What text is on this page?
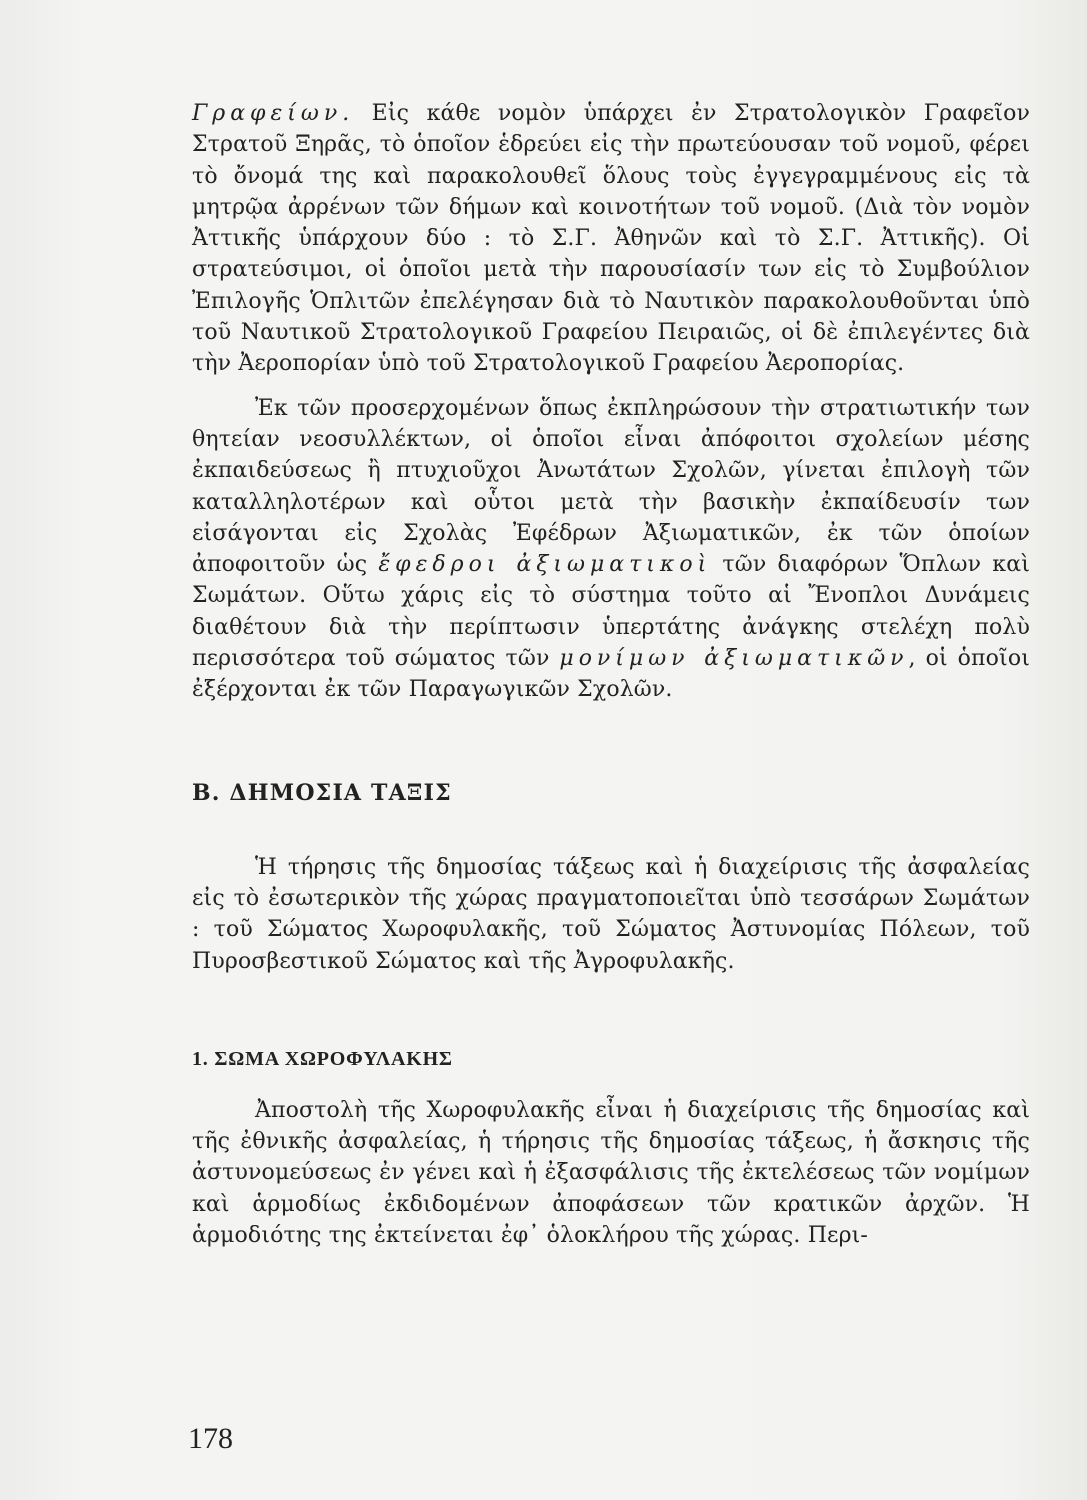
Γραφείων. Εἰς κάθε νομὸν ὑπάρχει ἐν Στρατολογικὸν Γραφεῖον Στρατοῦ Ξηρᾶς, τὸ ὁποῖον ἑδρεύει εἰς τὴν πρωτεύουσαν τοῦ νομοῦ, φέρει τὸ ὄνομά της καὶ παρακολουθεῖ ὅλους τοὺς ἐγγεγραμμένους εἰς τὰ μητρῷα ἀρρένων τῶν δήμων καὶ κοινοτήτων τοῦ νομοῦ. (Διὰ τὸν νομὸν Ἀττικῆς ὑπάρχουν δύο : τὸ Σ.Γ. Ἀθηνῶν καὶ τὸ Σ.Γ. Ἀττικῆς). Οἱ στρατεύσιμοι, οἱ ὁποῖοι μετὰ τὴν παρουσίασίν των εἰς τὸ Συμβούλιον Ἐπιλογῆς Ὁπλιτῶν ἐπελέγησαν διὰ τὸ Ναυτικὸν παρακολουθοῦνται ὑπὸ τοῦ Ναυτικοῦ Στρατολογικοῦ Γραφείου Πειραιῶς, οἱ δὲ ἐπιλεγέντες διὰ τὴν Ἀεροπορίαν ὑπὸ τοῦ Στρατολογικοῦ Γραφείου Ἀεροπορίας.

Ἐκ τῶν προσερχομένων ὅπως ἐκπληρώσουν τὴν στρατιωτικήν των θητείαν νεοσυλλέκτων, οἱ ὁποῖοι εἶναι ἀπόφοιτοι σχολείων μέσης ἐκπαιδεύσεως ἢ πτυχιοῦχοι Ἀνωτάτων Σχολῶν, γίνεται ἐπιλογὴ τῶν καταλληλοτέρων καὶ οὗτοι μετὰ τὴν βασικὴν ἐκπαίδευσίν των εἰσάγονται εἰς Σχολὰς Ἐφέδρων Ἀξιωματικῶν, ἐκ τῶν ὁποίων ἀποφοιτοῦν ὡς ἔφεδροι ἀξιωματικοὶ τῶν διαφόρων Ὅπλων καὶ Σωμάτων. Οὕτω χάρις εἰς τὸ σύστημα τοῦτο αἱ Ἔνοπλοι Δυνάμεις διαθέτουν διὰ τὴν περίπτωσιν ὑπερτάτης ἀνάγκης στελέχη πολὺ περισσότερα τοῦ σώματος τῶν μονίμων ἀξιωματικῶν, οἱ ὁποῖοι ἐξέρχονται ἐκ τῶν Παραγωγικῶν Σχολῶν.

Β. ΔΗΜΟΣΙΑ ΤΑΞΙΣ

Ἡ τήρησις τῆς δημοσίας τάξεως καὶ ἡ διαχείρισις τῆς ἀσφαλείας εἰς τὸ ἐσωτερικὸν τῆς χώρας πραγματοποιεῖται ὑπὸ τεσσάρων Σωμάτων : τοῦ Σώματος Χωροφυλακῆς, τοῦ Σώματος Ἀστυνομίας Πόλεων, τοῦ Πυροσβεστικοῦ Σώματος καὶ τῆς Ἀγροφυλακῆς.

1. ΣΩΜΑ ΧΩΡΟΦΥΛΑΚΗΣ

Ἀποστολὴ τῆς Χωροφυλακῆς εἶναι ἡ διαχείρισις τῆς δημοσίας καὶ τῆς ἐθνικῆς ἀσφαλείας, ἡ τήρησις τῆς δημοσίας τάξεως, ἡ ἄσκησις τῆς ἀστυνομεύσεως ἐν γένει καὶ ἡ ἐξασφάλισις τῆς ἐκτελέσεως τῶν νομίμων καὶ ἁρμοδίως ἐκδιδομένων ἀποφάσεων τῶν κρατικῶν ἀρχῶν. Ἡ ἁρμοδιότης της ἐκτείνεται ἐφ᾽ ὁλοκλήρου τῆς χώρας. Περι-

178
